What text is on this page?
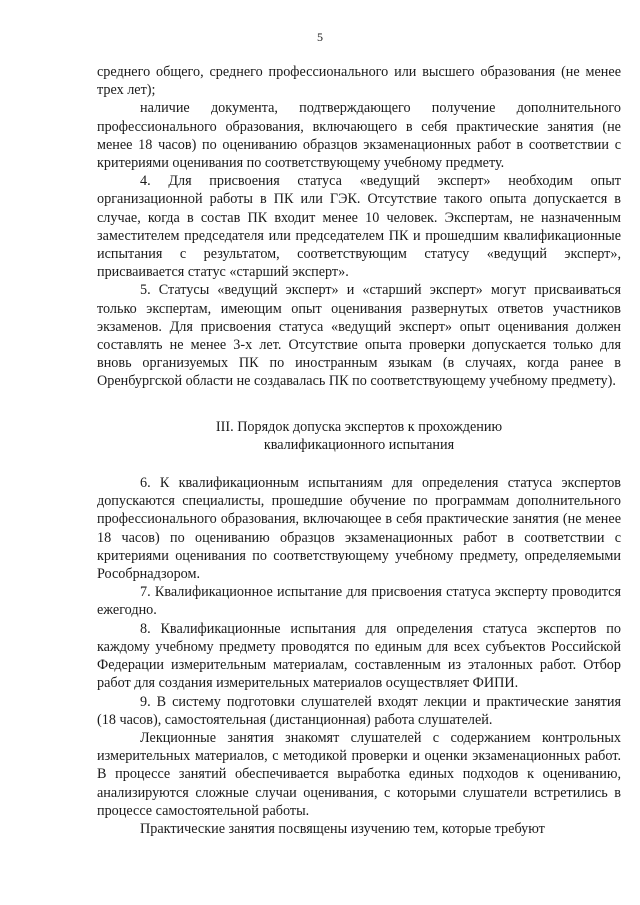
5

среднего общего, среднего профессионального или высшего образования (не менее трех лет);

наличие документа, подтверждающего получение дополнительного профессионального образования, включающего в себя практические занятия (не менее 18 часов) по оцениванию образцов экзаменационных работ в соответствии с критериями оценивания по соответствующему учебному предмету.

4. Для присвоения статуса «ведущий эксперт» необходим опыт организационной работы в ПК или ГЭК. Отсутствие такого опыта допускается в случае, когда в состав ПК входит менее 10 человек. Экспертам, не назначенным заместителем председателя или председателем ПК и прошедшим квалификационные испытания с результатом, соответствующим статусу «ведущий эксперт», присваивается статус «старший эксперт».

5. Статусы «ведущий эксперт» и «старший эксперт» могут присваиваться только экспертам, имеющим опыт оценивания развернутых ответов участников экзаменов. Для присвоения статуса «ведущий эксперт» опыт оценивания должен составлять не менее 3-х лет. Отсутствие опыта проверки допускается только для вновь организуемых ПК по иностранным языкам (в случаях, когда ранее в Оренбургской области не создавалась ПК по соответствующему учебному предмету).

III. Порядок допуска экспертов к прохождению
квалификационного испытания

6. К квалификационным испытаниям для определения статуса экспертов допускаются специалисты, прошедшие обучение по программам дополнительного профессионального образования, включающее в себя практические занятия (не менее 18 часов) по оцениванию образцов экзаменационных работ в соответствии с критериями оценивания по соответствующему учебному предмету, определяемыми Рособрнадзором.

7. Квалификационное испытание для присвоения статуса эксперту проводится ежегодно.

8. Квалификационные испытания для определения статуса экспертов по каждому учебному предмету проводятся по единым для всех субъектов Российской Федерации измерительным материалам, составленным из эталонных работ. Отбор работ для создания измерительных материалов осуществляет ФИПИ.

9. В систему подготовки слушателей входят лекции и практические занятия (18 часов), самостоятельная (дистанционная) работа слушателей.

Лекционные занятия знакомят слушателей с содержанием контрольных измерительных материалов, с методикой проверки и оценки экзаменационных работ. В процессе занятий обеспечивается выработка единых подходов к оцениванию, анализируются сложные случаи оценивания, с которыми слушатели встретились в процессе самостоятельной работы.

Практические занятия посвящены изучению тем, которые требуют
